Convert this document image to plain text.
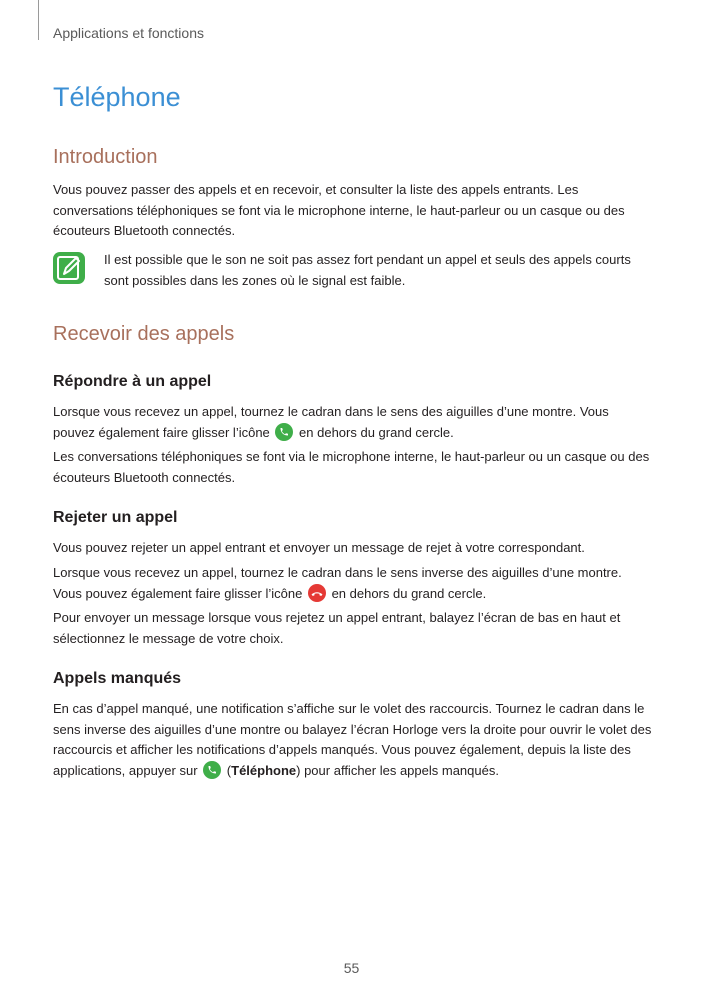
Applications et fonctions
Téléphone
Introduction

Vous pouvez passer des appels et en recevoir, et consulter la liste des appels entrants. Les conversations téléphoniques se font via le microphone interne, le haut-parleur ou un casque ou des écouteurs Bluetooth connectés.

Il est possible que le son ne soit pas assez fort pendant un appel et seuls des appels courts sont possibles dans les zones où le signal est faible.
Recevoir des appels
Répondre à un appel

Lorsque vous recevez un appel, tournez le cadran dans le sens des aiguilles d’une montre. Vous pouvez également faire glisser l’icône en dehors du grand cercle.

Les conversations téléphoniques se font via le microphone interne, le haut-parleur ou un casque ou des écouteurs Bluetooth connectés.

Rejeter un appel

Vous pouvez rejeter un appel entrant et envoyer un message de rejet à votre correspondant.

Lorsque vous recevez un appel, tournez le cadran dans le sens inverse des aiguilles d’une montre. Vous pouvez également faire glisser l’icône en dehors du grand cercle.

Pour envoyer un message lorsque vous rejetez un appel entrant, balayez l’écran de bas en haut et sélectionnez le message de votre choix.

Appels manqués

En cas d’appel manqué, une notification s’affiche sur le volet des raccourcis. Tournez le cadran dans le sens inverse des aiguilles d’une montre ou balayez l’écran Horloge vers la droite pour ouvrir le volet des raccourcis et afficher les notifications d’appels manqués. Vous pouvez également, depuis la liste des applications, appuyer sur (Téléphone) pour afficher les appels manqués.

55
